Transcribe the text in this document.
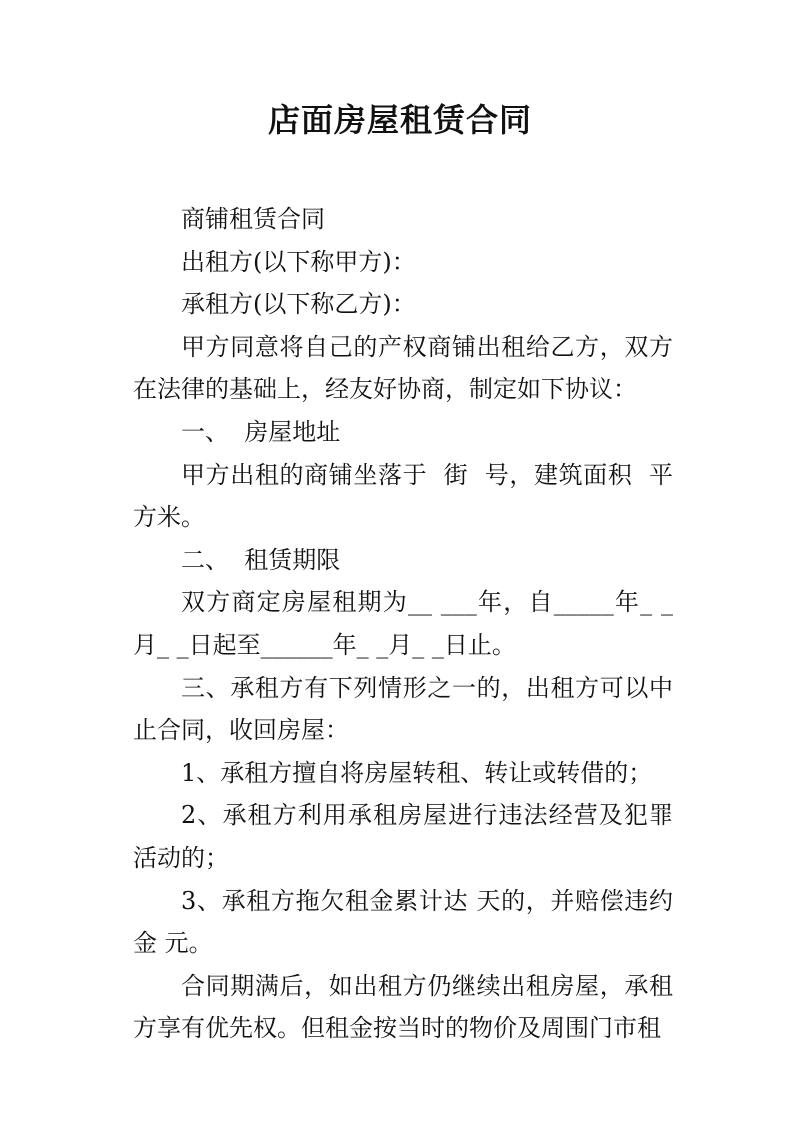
店面房屋租赁合同

商铺租赁合同

出租方(以下称甲方)：

承租方(以下称乙方)：

甲方同意将自己的产权商铺出租给乙方，双方在法律的基础上，经友好协商，制定如下协议：

一、  房屋地址

甲方出租的商铺坐落于  街  号，建筑面积  平方米。

二、  租赁期限

双方商定房屋租期为__ ___年，自_____年_ _月_ _日起至______年_ _月_ _日止。

三、承租方有下列情形之一的，出租方可以中止合同，收回房屋：

1、承租方擅自将房屋转租、转让或转借的；

2、承租方利用承租房屋进行违法经营及犯罪活动的；

3、承租方拖欠租金累计达 天的，并赔偿违约金 元。

合同期满后，如出租方仍继续出租房屋，承租方享有优先权。但租金按当时的物价及周围门市租
